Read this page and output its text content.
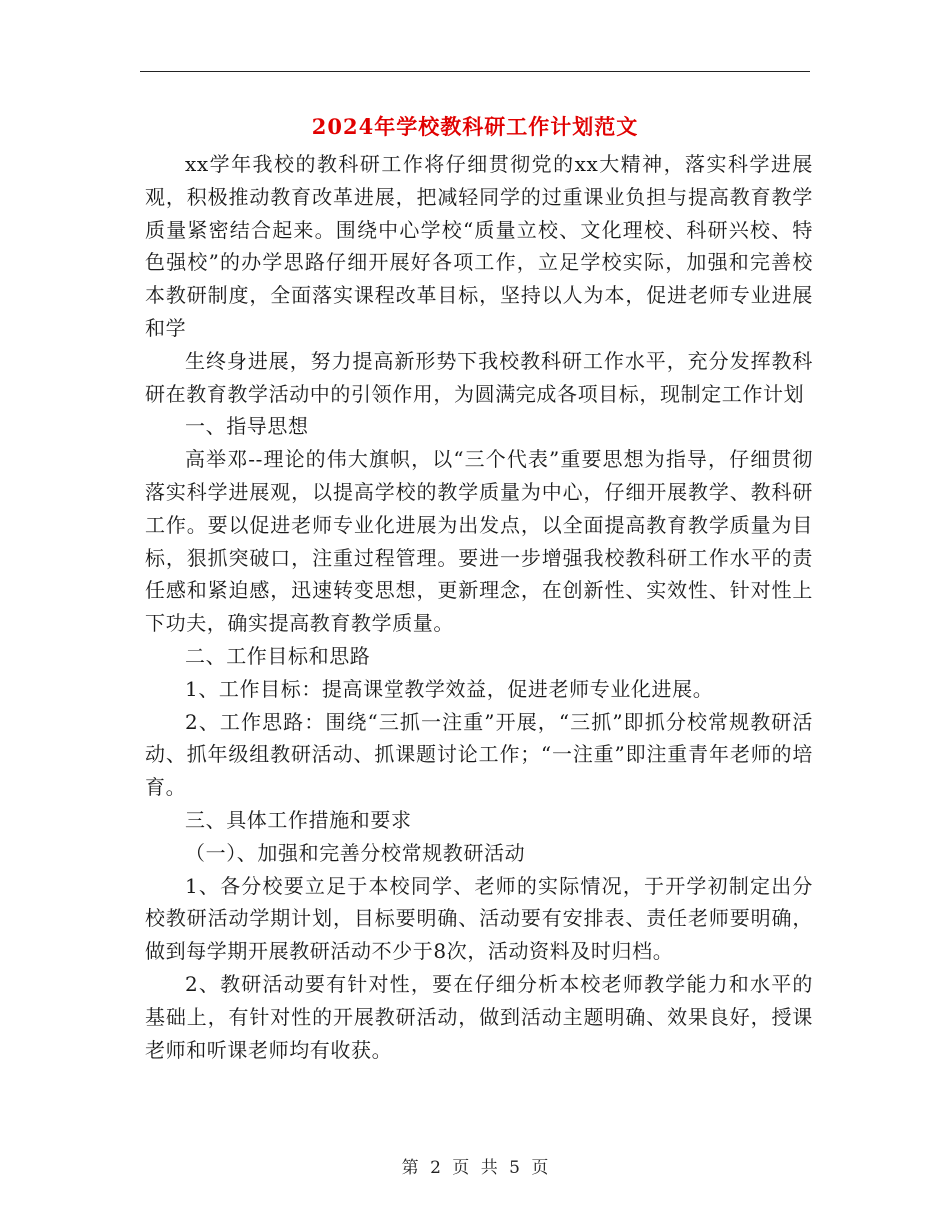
2024年学校教科研工作计划范文

xx学年我校的教科研工作将仔细贯彻党的xx大精神，落实科学进展观，积极推动教育改革进展，把减轻同学的过重课业负担与提高教育教学质量紧密结合起来。围绕中心学校“质量立校、文化理校、科研兴校、特色强校”的办学思路仔细开展好各项工作，立足学校实际，加强和完善校本教研制度，全面落实课程改革目标，坚持以人为本，促进老师专业进展和学

生终身进展，努力提高新形势下我校教科研工作水平，充分发挥教科研在教育教学活动中的引领作用，为圆满完成各项目标，现制定工作计划

一、指导思想

高举邓--理论的伟大旗帜，以“三个代表”重要思想为指导，仔细贯彻落实科学进展观，以提高学校的教学质量为中心，仔细开展教学、教科研工作。要以促进老师专业化进展为出发点，以全面提高教育教学质量为目标，狠抓突破口，注重过程管理。要进一步增强我校教科研工作水平的责任感和紧迫感，迅速转变思想，更新理念，在创新性、实效性、针对性上下功夫，确实提高教育教学质量。

二、工作目标和思路

1、工作目标：提高课堂教学效益，促进老师专业化进展。

2、工作思路：围绕“三抓一注重”开展，“三抓”即抓分校常规教研活动、抓年级组教研活动、抓课题讨论工作；“一注重”即注重青年老师的培育。

三、具体工作措施和要求

（一）、加强和完善分校常规教研活动

1、各分校要立足于本校同学、老师的实际情况，于开学初制定出分校教研活动学期计划，目标要明确、活动要有安排表、责任老师要明确，做到每学期开展教研活动不少于8次，活动资料及时归档。

2、教研活动要有针对性，要在仔细分析本校老师教学能力和水平的基础上，有针对性的开展教研活动，做到活动主题明确、效果良好，授课老师和听课老师均有收获。

第 2 页 共 5 页
